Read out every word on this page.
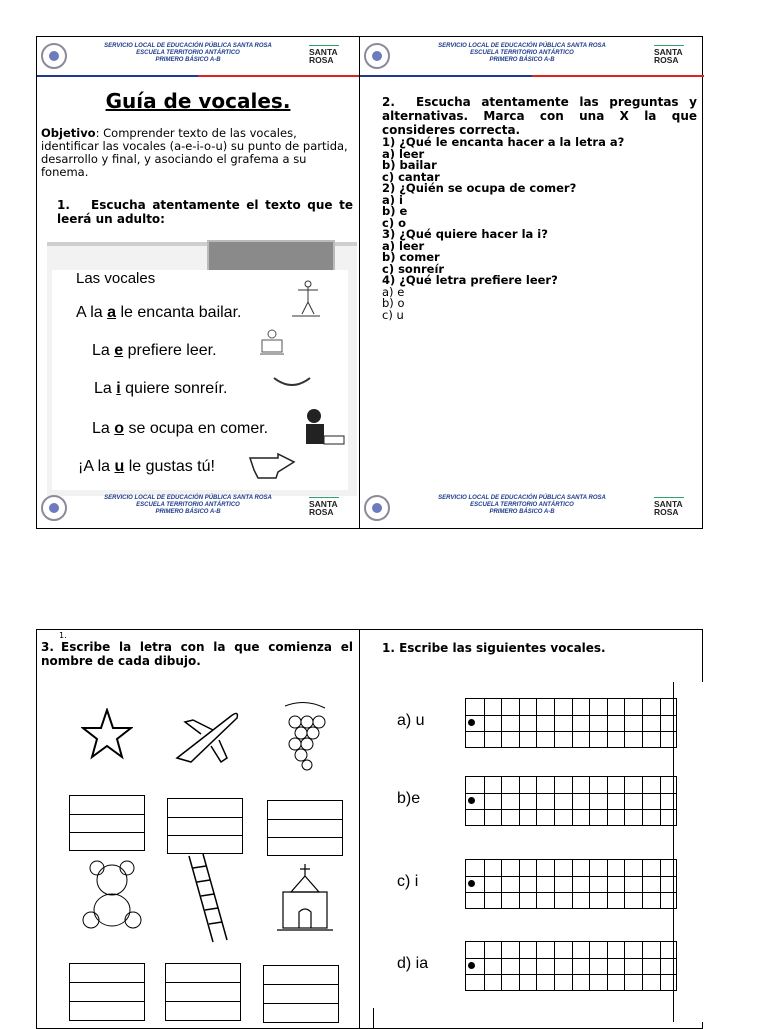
SERVICIO LOCAL DE EDUCACIÓN PÚBLICA SANTA ROSA
ESCUELA TERRITORIO ANTÁRTICO
PRIMERO BÁSICO A-B
SANTA
ROSA
SERVICIO LOCAL DE EDUCACIÓN PÚBLICA SANTA ROSA
ESCUELA TERRITORIO ANTÁRTICO
PRIMERO BÁSICO A-B
SANTA
ROSA
Guía de vocales.
Objetivo: Comprender texto de las vocales, identificar las vocales (a-e-i-o-u) su punto de partida, desarrollo y final, y asociando el grafema a su fonema.
1. Escucha atentamente el texto que te leerá un adulto:
Las vocales
A la a le encanta bailar.
La e prefiere leer.
La i quiere sonreír.
La o se ocupa en comer.
¡A la u le gustas tú!
2. Escucha atentamente las preguntas y alternativas. Marca con una X la que consideres correcta.
1) ¿Qué le encanta hacer a la letra a?
a) leer
b) bailar
c) cantar
2) ¿Quién se ocupa de comer?
a) i
b) e
c) o
3) ¿Qué quiere hacer la i?
a) leer
b) comer
c) sonreír
4) ¿Qué letra prefiere leer?
a) e
b) o
c) u
SERVICIO LOCAL DE EDUCACIÓN PÚBLICA SANTA ROSA
ESCUELA TERRITORIO ANTÁRTICO
PRIMERO BÁSICO A-B
SANTA
ROSA
SERVICIO LOCAL DE EDUCACIÓN PÚBLICA SANTA ROSA
ESCUELA TERRITORIO ANTÁRTICO
PRIMERO BÁSICO A-B
SANTA
ROSA
1.
3. Escribe la letra con la que comienza el nombre de cada dibujo.
1. Escribe las siguientes vocales.
a) u
b)e
c) i
d) ia
